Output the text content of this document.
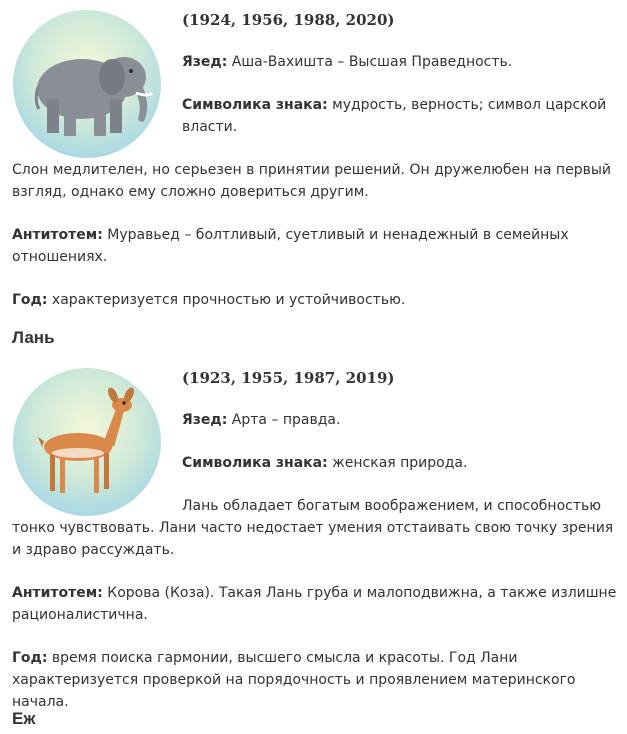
(1924, 1956, 1988, 2020)

Язед: Аша-Вахишта – Высшая Праведность.

Символика знака: мудрость, верность; символ царской власти.

Слон медлителен, но серьезен в принятии решений. Он дружелюбен на первый взгляд, однако ему сложно довериться другим.

Антитотем: Муравьед – болтливый, суетливый и ненадежный в семейных отношениях.

Год: характеризуется прочностью и устойчивостью.

Лань

(1923, 1955, 1987, 2019)

Язед: Арта – правда.

Символика знака: женская природа.

Лань обладает богатым воображением, и способностью тонко чувствовать. Лани часто недостает умения отстаивать свою точку зрения и здраво рассуждать.

Антитотем: Корова (Коза). Такая Лань груба и малоподвижна, а также излишне рационалистична.

Год: время поиска гармонии, высшего смысла и красоты. Год Лани характеризуется проверкой на порядочность и проявлением материнского начала.

Еж
